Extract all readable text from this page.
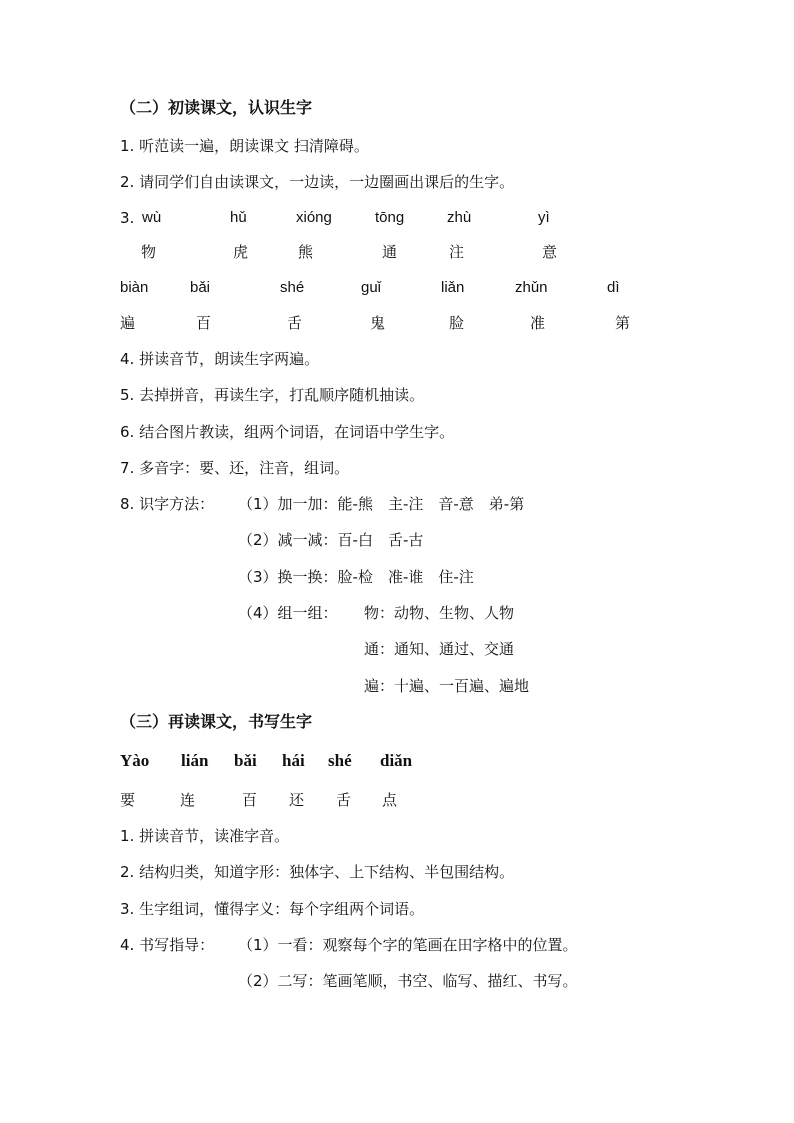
（二）初读课文，认识生字
1. 听范读一遍，朗读课文 扫清障碍。
2. 请同学们自由读课文，一边读，一边圈画出课后的生字。
3. wù	hǔ	xióng	tōng	zhù	yì
物	虎	熊	通	注	意
biàn	bǎi	shé	guǐ	liǎn	zhǔn	dì
遍	百	舌	鬼	脸	准	第
4. 拼读音节，朗读生字两遍。
5. 去掉拼音，再读生字，打乱顺序随机抽读。
6. 结合图片教读，组两个词语，在词语中学生字。
7. 多音字：要、还，注音，组词。
8. 识字方法： （1）加一加：能-熊　主-注　音-意　弟-第
（2）减一减：百-白　舌-古
（3）换一换：脸-检　准-谁　住-注
（4）组一组： 物：动物、生物、人物
通：通知、通过、交通
遍：十遍、一百遍、遍地
（三）再读课文，书写生字
Yào lián bǎi hái shé diǎn
要	连	百 还 舌 点
1. 拼读音节，读准字音。
2. 结构归类，知道字形：独体字、上下结构、半包围结构。
3. 生字组词，懂得字义：每个字组两个词语。
4. 书写指导： （1）一看：观察每个字的笔画在田字格中的位置。
（2）二写：笔画笔顺，书空、临写、描红、书写。
